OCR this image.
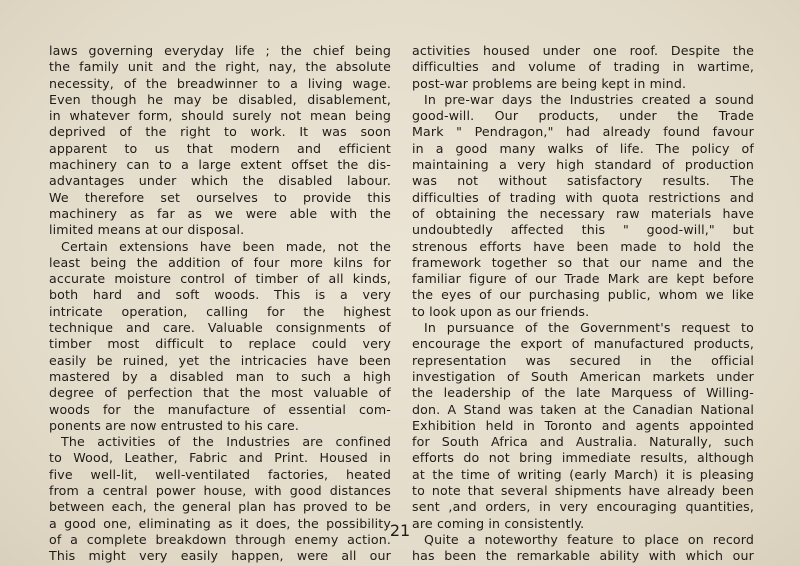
laws governing everyday life ; the chief being
the family unit and the right, nay, the absolute
necessity, of the breadwinner to a living wage.
Even though he may be disabled, disablement,
in whatever form, should surely not mean being
deprived of the right to work. It was soon
apparent to us that modern and efficient
machinery can to a large extent offset the dis-
advantages under which the disabled labour.
We therefore set ourselves to provide this
machinery as far as we were able with the
limited means at our disposal.
Certain extensions have been made, not the
least being the addition of four more kilns for
accurate moisture control of timber of all kinds,
both hard and soft woods. This is a very
intricate operation, calling for the highest
technique and care. Valuable consignments of
timber most difficult to replace could very
easily be ruined, yet the intricacies have been
mastered by a disabled man to such a high
degree of perfection that the most valuable of
woods for the manufacture of essential com-
ponents are now entrusted to his care.
The activities of the Industries are confined
to Wood, Leather, Fabric and Print. Housed in
five well-lit, well-ventilated factories, heated
from a central power house, with good distances
between each, the general plan has proved to be
a good one, eliminating as it does, the possibility
of a complete breakdown through enemy action.
This might very easily happen, were all our
activities housed under one roof. Despite the
difficulties and volume of trading in wartime,
post-war problems are being kept in mind.
In pre-war days the Industries created a sound
good-will. Our products, under the Trade
Mark " Pendragon," had already found favour
in a good many walks of life. The policy of
maintaining a very high standard of production
was not without satisfactory results. The
difficulties of trading with quota restrictions and
of obtaining the necessary raw materials have
undoubtedly affected this " good-will," but
strenous efforts have been made to hold the
framework together so that our name and the
familiar figure of our Trade Mark are kept before
the eyes of our purchasing public, whom we like
to look upon as our friends.
In pursuance of the Government's request to
encourage the export of manufactured products,
representation was secured in the official
investigation of South American markets under
the leadership of the late Marquess of Willing-
don. A Stand was taken at the Canadian National
Exhibition held in Toronto and agents appointed
for South Africa and Australia. Naturally, such
efforts do not bring immediate results, although
at the time of writing (early March) it is pleasing
to note that several shipments have already been
sent ,and orders, in very encouraging quantities,
are coming in consistently.
Quite a noteworthy feature to place on record
has been the remarkable ability with which our
21
